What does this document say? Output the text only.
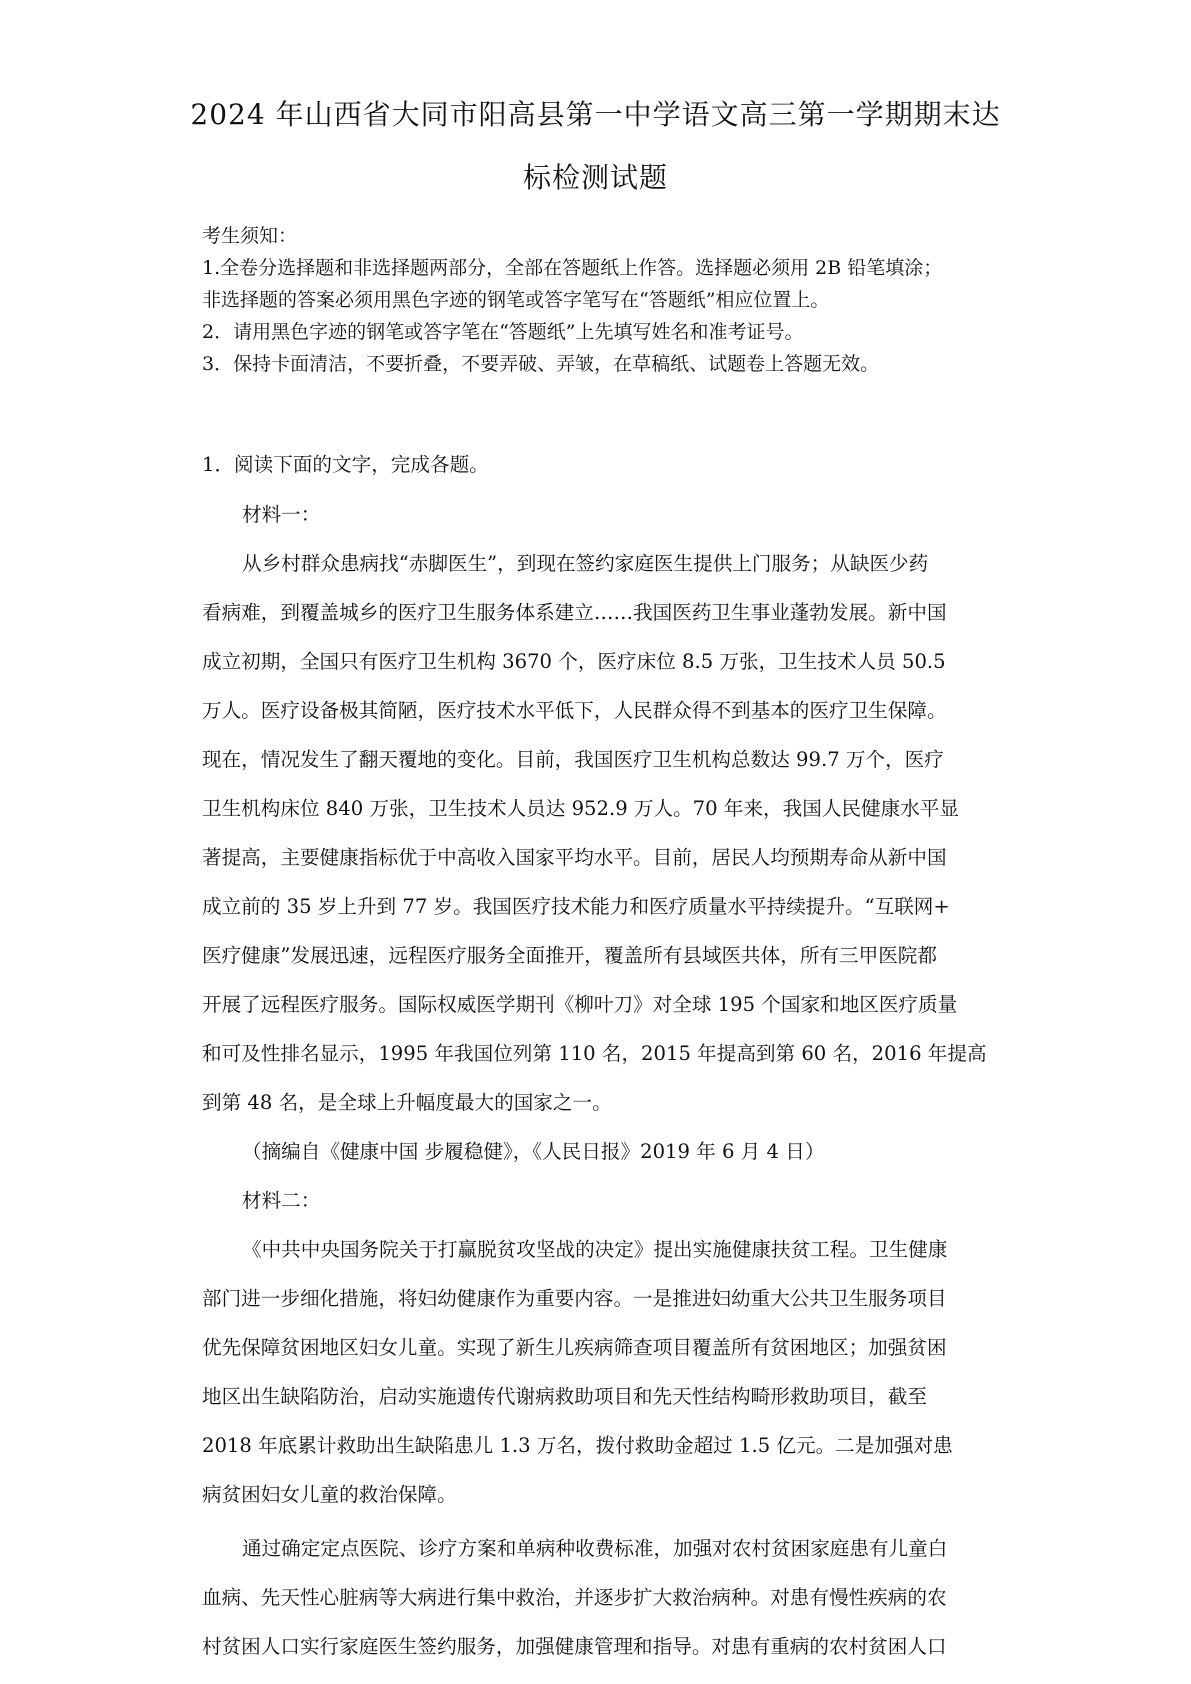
2024 年山西省大同市阳高县第一中学语文高三第一学期期末达
标检测试题
考生须知：
1.全卷分选择题和非选择题两部分，全部在答题纸上作答。选择题必须用 2B 铅笔填涂；
非选择题的答案必须用黑色字迹的钢笔或答字笔写在“答题纸”相应位置上。
2．请用黑色字迹的钢笔或答字笔在“答题纸”上先填写姓名和准考证号。
3．保持卡面清洁，不要折叠，不要弄破、弄皱，在草稿纸、试题卷上答题无效。
1．阅读下面的文字，完成各题。
材料一：
从乡村群众患病找“赤脚医生”，到现在签约家庭医生提供上门服务；从缺医少药
看病难，到覆盖城乡的医疗卫生服务体系建立……我国医药卫生事业蓬勃发展。新中国
成立初期，全国只有医疗卫生机构 3670 个，医疗床位 8.5 万张，卫生技术人员 50.5
万人。医疗设备极其简陋，医疗技术水平低下，人民群众得不到基本的医疗卫生保障。
现在，情况发生了翻天覆地的变化。目前，我国医疗卫生机构总数达 99.7 万个，医疗
卫生机构床位 840 万张，卫生技术人员达 952.9 万人。70 年来，我国人民健康水平显
著提高，主要健康指标优于中高收入国家平均水平。目前，居民人均预期寿命从新中国
成立前的 35 岁上升到 77 岁。我国医疗技术能力和医疗质量水平持续提升。“互联网+
医疗健康”发展迅速，远程医疗服务全面推开，覆盖所有县域医共体，所有三甲医院都
开展了远程医疗服务。国际权威医学期刊《柳叶刀》对全球 195 个国家和地区医疗质量
和可及性排名显示，1995 年我国位列第 110 名，2015 年提高到第 60 名，2016 年提高
到第 48 名，是全球上升幅度最大的国家之一。
（摘编自《健康中国 步履稳健》，《人民日报》2019 年 6 月 4 日）
材料二：
《中共中央国务院关于打赢脱贫攻坚战的决定》提出实施健康扶贫工程。卫生健康
部门进一步细化措施，将妇幼健康作为重要内容。一是推进妇幼重大公共卫生服务项目
优先保障贫困地区妇女儿童。实现了新生儿疾病筛查项目覆盖所有贫困地区；加强贫困
地区出生缺陷防治，启动实施遗传代谢病救助项目和先天性结构畸形救助项目，截至
2018 年底累计救助出生缺陷患儿 1.3 万名，拨付救助金超过 1.5 亿元。二是加强对患
病贫困妇女儿童的救治保障。
通过确定定点医院、诊疗方案和单病种收费标准，加强对农村贫困家庭患有儿童白
血病、先天性心脏病等大病进行集中救治，并逐步扩大救治病种。对患有慢性疾病的农
村贫困人口实行家庭医生签约服务，加强健康管理和指导。对患有重病的农村贫困人口
